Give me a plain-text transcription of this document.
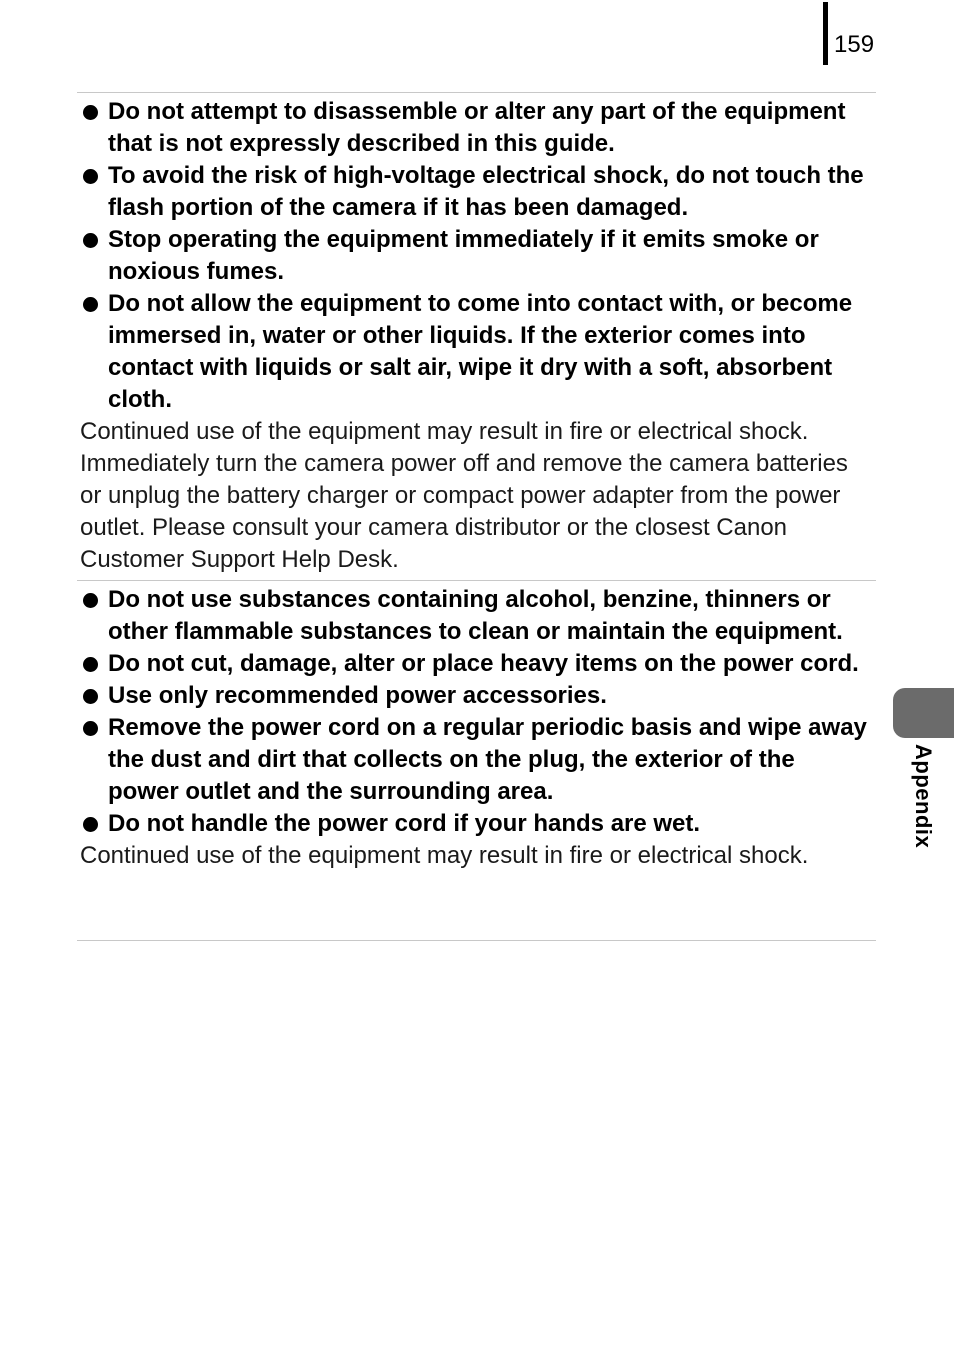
159
Do not attempt to disassemble or alter any part of the equipment that is not expressly described in this guide.
To avoid the risk of high-voltage electrical shock, do not touch the flash portion of the camera if it has been damaged.
Stop operating the equipment immediately if it emits smoke or noxious fumes.
Do not allow the equipment to come into contact with, or become immersed in, water or other liquids. If the exterior comes into contact with liquids or salt air, wipe it dry with a soft, absorbent cloth.

Continued use of the equipment may result in fire or electrical shock. Immediately turn the camera power off and remove the camera batteries or unplug the battery charger or compact power adapter from the power outlet. Please consult your camera distributor or the closest Canon Customer Support Help Desk.

Do not use substances containing alcohol, benzine, thinners or other flammable substances to clean or maintain the equipment.
Do not cut, damage, alter or place heavy items on the power cord.
Use only recommended power accessories.
Remove the power cord on a regular periodic basis and wipe away the dust and dirt that collects on the plug, the exterior of the power outlet and the surrounding area.
Do not handle the power cord if your hands are wet.

Continued use of the equipment may result in fire or electrical shock.

Appendix
